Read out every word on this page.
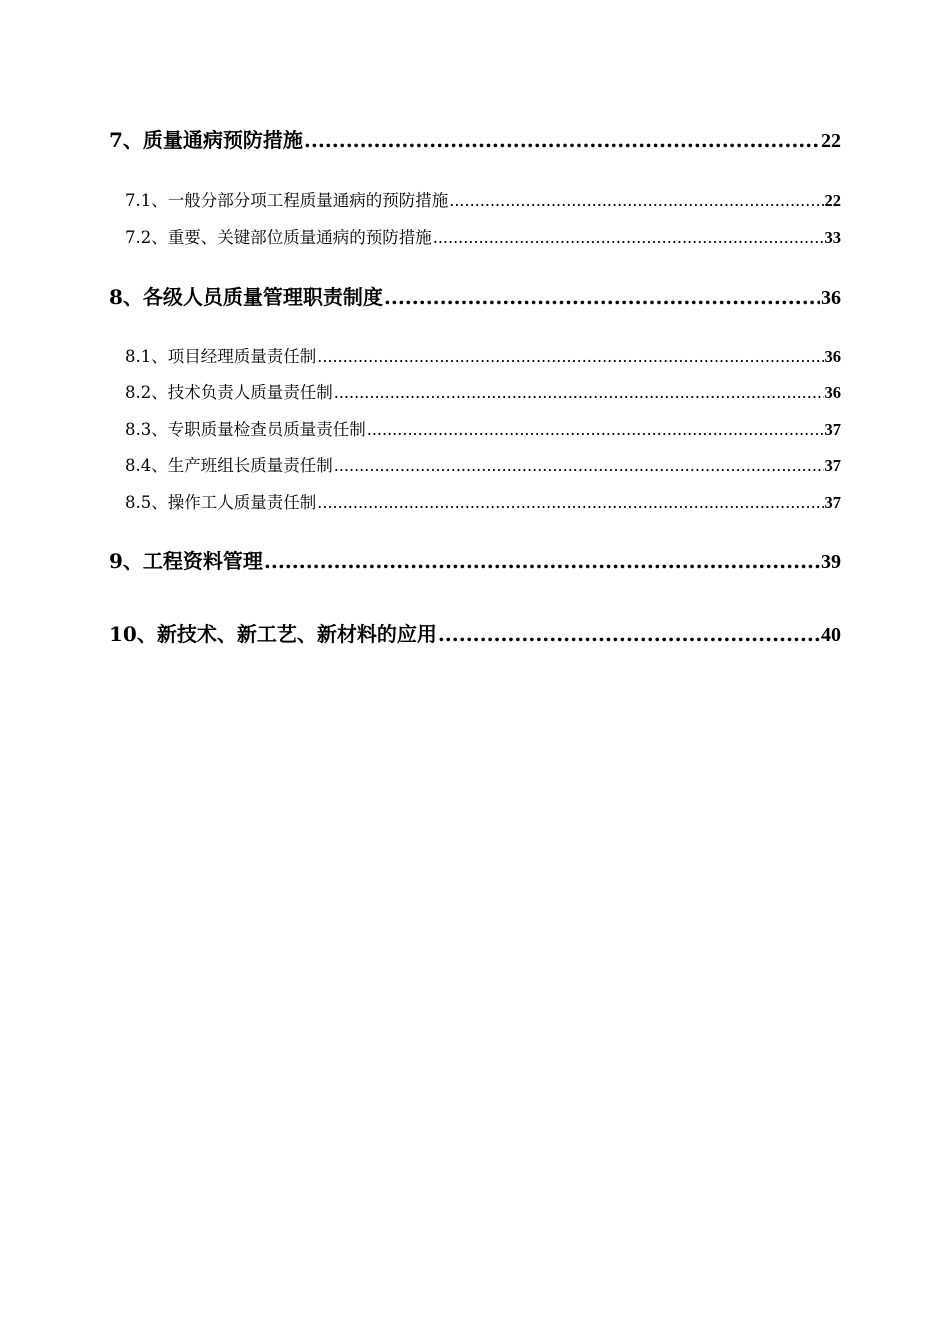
7、质量通病预防措施 .....	22
7.1、一般分部分项工程质量通病的预防措施 .....	22
7.2、重要、关键部位质量通病的预防措施 .....	33
8、各级人员质量管理职责制度 .....	36
8.1、项目经理质量责任制 .....	36
8.2、技术负责人质量责任制 .....	36
8.3、专职质量检查员质量责任制 .....	37
8.4、生产班组长质量责任制 .....	37
8.5、操作工人质量责任制 .....	37
9、工程资料管理 .....	39
10、新技术、新工艺、新材料的应用 .....	40
